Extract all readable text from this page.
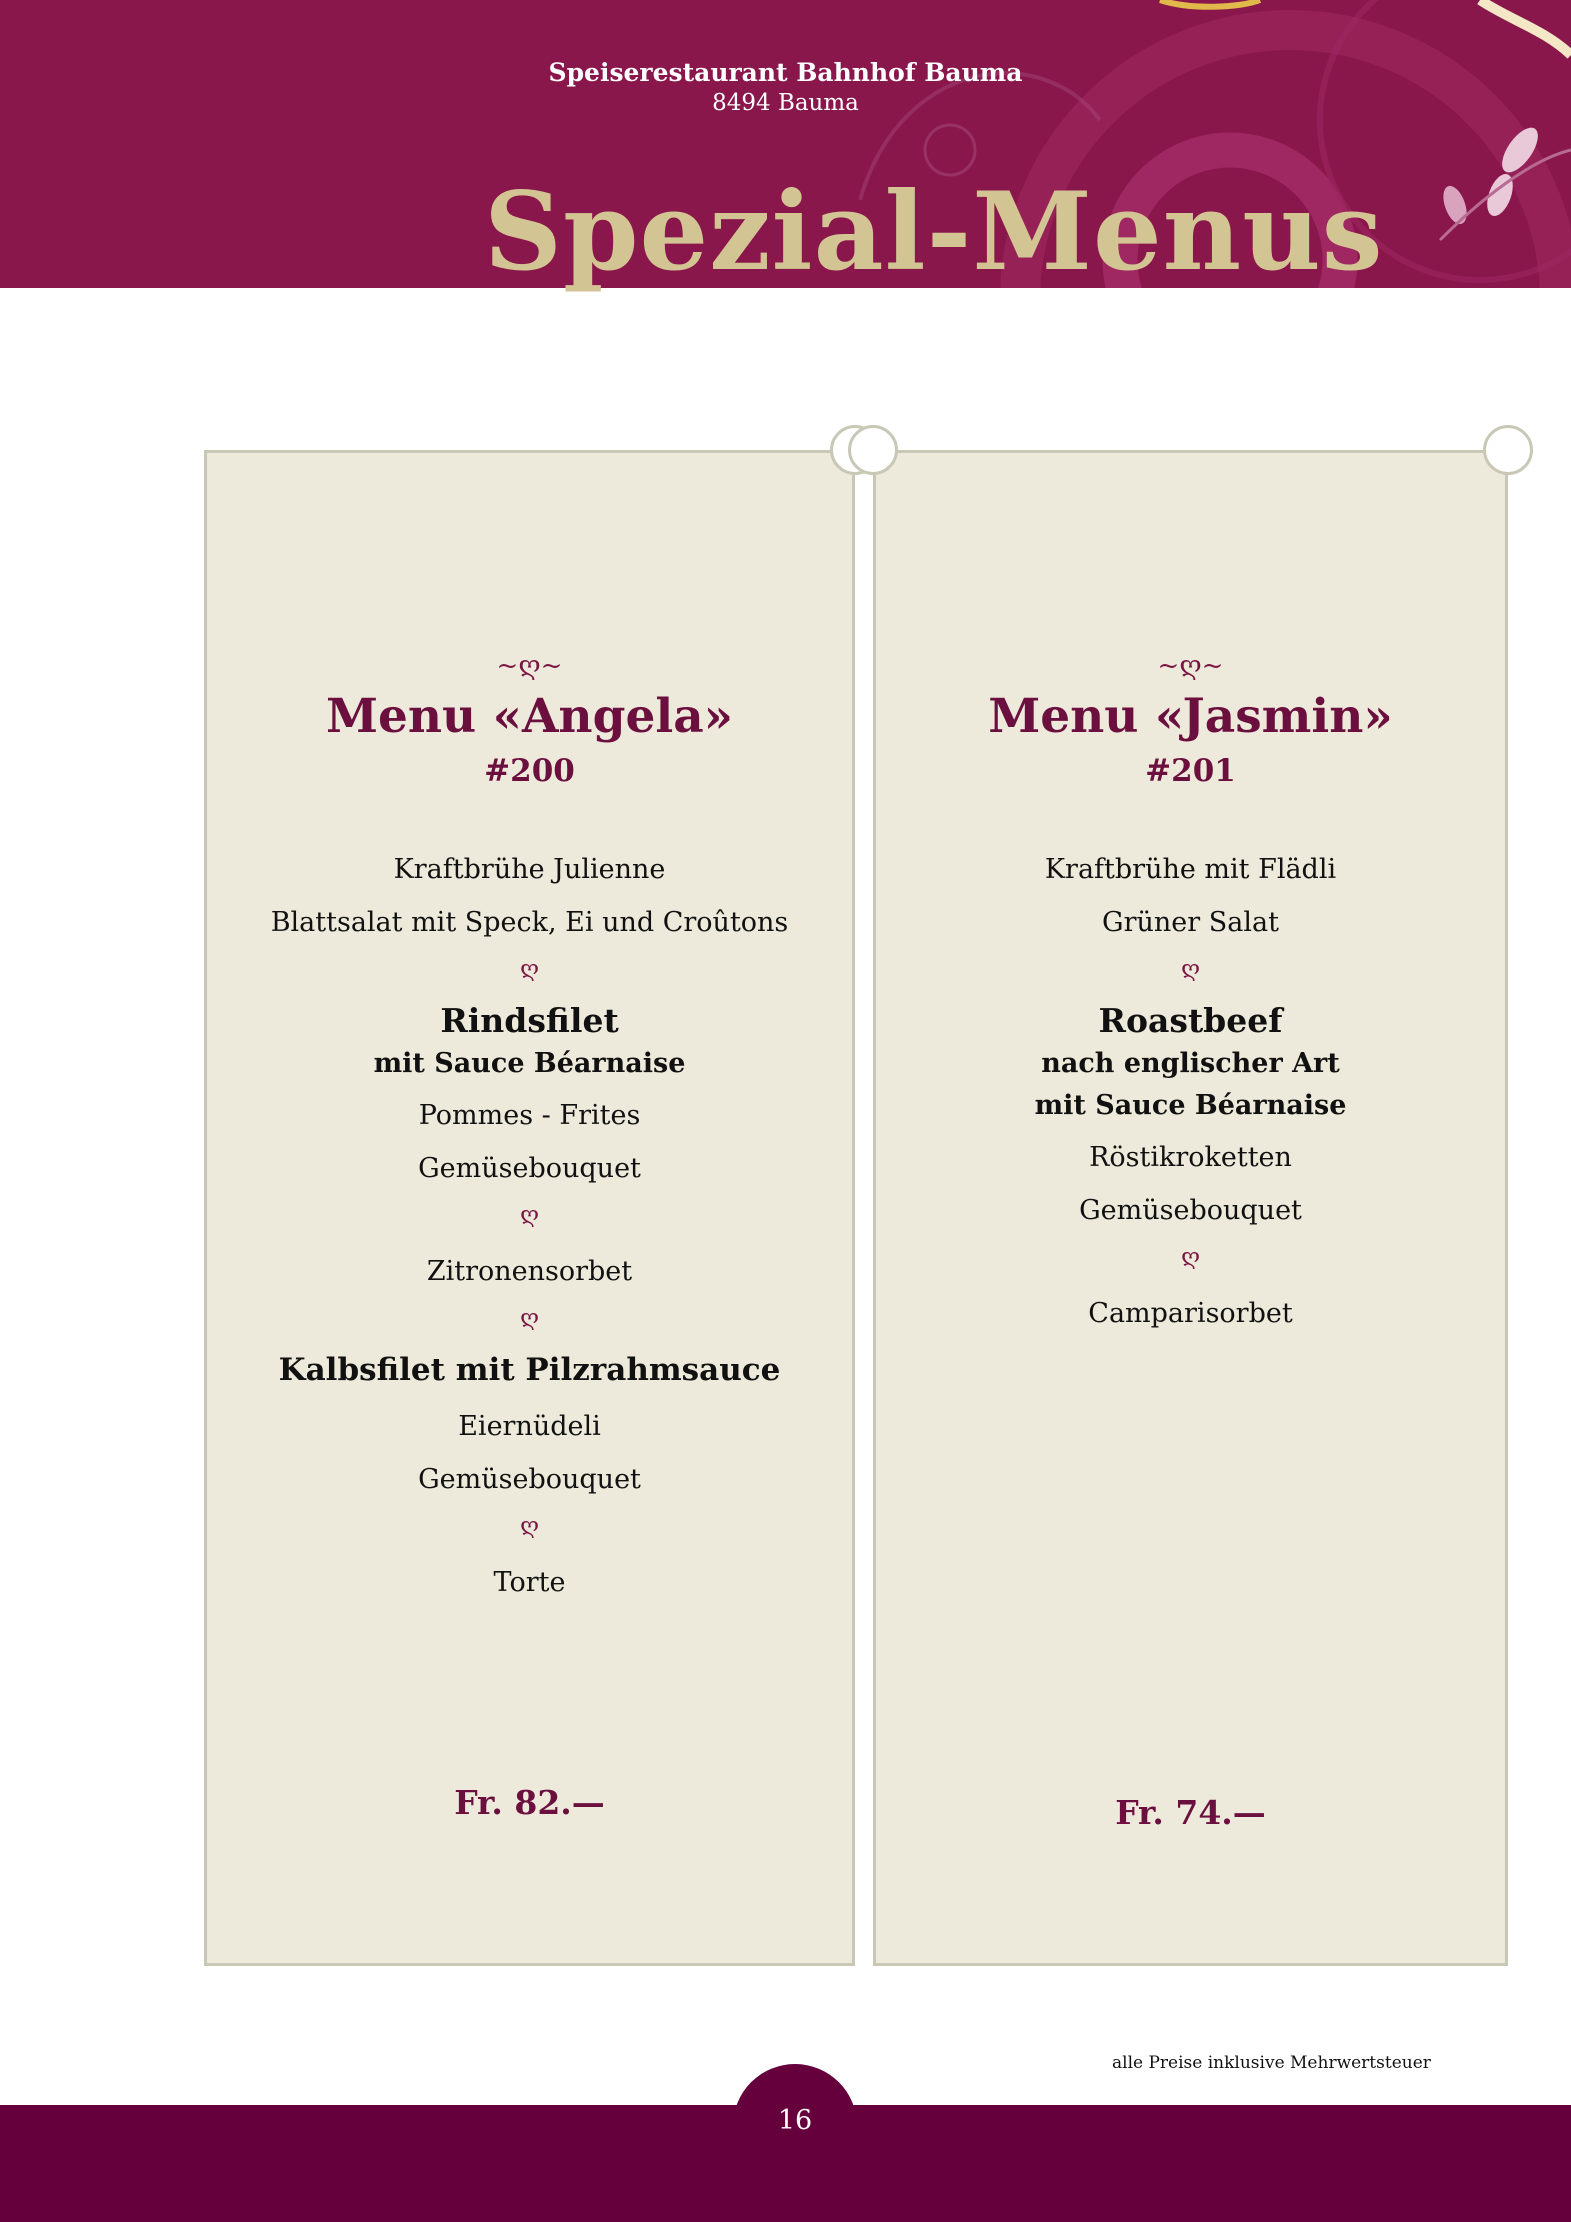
Speiserestaurant Bahnhof Bauma
8494 Bauma
Spezial-Menus
~ღ~
Menu «Angela»
#200
Kraftbrühe Julienne
Blattsalat mit Speck, Ei und Croûtons
ღ
Rindsfilet
mit Sauce Béarnaise
Pommes - Frites
Gemüsebouquet
ღ
Zitronensorbet
ღ
Kalbsfilet mit Pilzrahmsauce
Eiernüdeli
Gemüsebouquet
ღ
Torte
Fr. 82.—
~ღ~
Menu «Jasmin»
#201
Kraftbrühe mit Flädli
Grüner Salat
ღ
Roastbeef
nach englischer Art
mit Sauce Béarnaise
Röstikroketten
Gemüsebouquet
ღ
Camparisorbet
Fr. 74.—
alle Preise inklusive Mehrwertsteuer
16
